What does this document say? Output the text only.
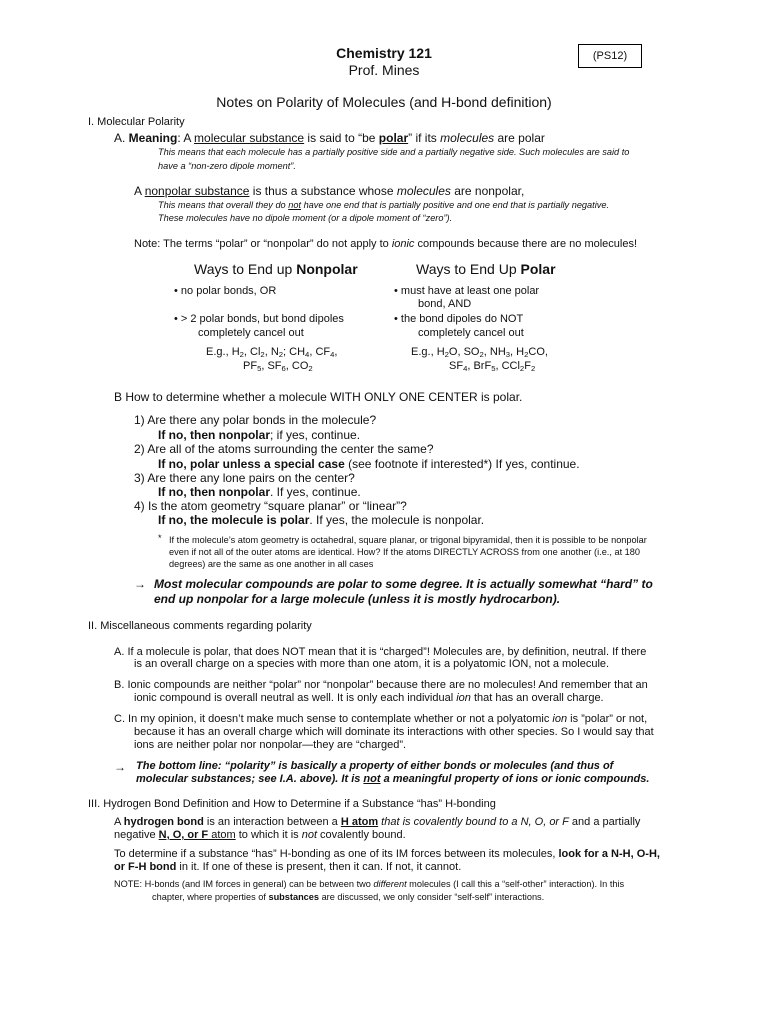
Chemistry 121
Prof. Mines
(PS12)
Notes on Polarity of Molecules (and H-bond definition)
I. Molecular Polarity
A. Meaning: A molecular substance is said to “be polar” if its molecules are polar
This means that each molecule has a partially positive side and a partially negative side. Such molecules are said to
have a “non-zero dipole moment”.
A nonpolar substance is thus a substance whose molecules are nonpolar,
This means that overall they do not have one end that is partially positive and one end that is partially negative.
These molecules have no dipole moment (or a dipole moment of “zero”).
Note: The terms “polar” or “nonpolar” do not apply to ionic compounds because there are no molecules!
Ways to End up Nonpolar	Ways to End Up Polar
• no polar bonds, OR
• > 2 polar bonds, but bond dipoles
completely cancel out
• must have at least one polar
bond, AND
• the bond dipoles do NOT
completely cancel out
E.g., $H_2$, $Cl_2$, $N_2$; $CH_4$, $CF_4$,
$PF_5$, $SF_6$, $CO_2$
E.g., $H_2O$, $SO_2$, $NH_3$, $H_2CO$,
$SF_4$, BrF$_5$, $CCl_2F_2$
B How to determine whether a molecule WITH ONLY ONE CENTER is polar.
1) Are there any polar bonds in the molecule?
If no, then nonpolar; if yes, continue.
2) Are all of the atoms surrounding the center the same?
If no, polar unless a special case (see footnote if interested*) If yes, continue.
3) Are there any lone pairs on the center?
If no, then nonpolar. If yes, continue.
4) Is the atom geometry “square planar” or “linear”?
If no, the molecule is polar. If yes, the molecule is nonpolar.
* If the molecule’s atom geometry is octahedral, square planar, or trigonal bipyramidal, then it is possible to be nonpolar
even if not all of the outer atoms are identical. How? If the atoms DIRECTLY ACROSS from one another (i.e., at 180
degrees) are the same as one another in all cases
→ Most molecular compounds are polar to some degree. It is actually somewhat “hard” to
end up nonpolar for a large molecule (unless it is mostly hydrocarbon).
II. Miscellaneous comments regarding polarity
A. If a molecule is polar, that does NOT mean that it is “charged”! Molecules are, by definition, neutral. If there
is an overall charge on a species with more than one atom, it is a polyatomic ION, not a molecule.
B. Ionic compounds are neither “polar” nor “nonpolar” because there are no molecules! And remember that an
ionic compound is overall neutral as well. It is only each individual ion that has an overall charge.
C. In my opinion, it doesn’t make much sense to contemplate whether or not a polyatomic ion is ”polar” or not,
because it has an overall charge which will dominate its interactions with other species. So I would say that
ions are neither polar nor nonpolar—they are “charged”.
→ The bottom line: “polarity” is basically a property of either bonds or molecules (and thus of
molecular substances; see I.A. above). It is not a meaningful property of ions or ionic compounds.
III. Hydrogen Bond Definition and How to Determine if a Substance “has” H-bonding
A hydrogen bond is an interaction between a H atom that is covalently bound to a N, O, or F and a partially
negative N, O, or F atom to which it is not covalently bound.
To determine if a substance “has” H-bonding as one of its IM forces between its molecules, look for a N-H, O-H,
or F-H bond in it. If one of these is present, then it can. If not, it cannot.
NOTE: H-bonds (and IM forces in general) can be between two different molecules (I call this a “self-other” interaction). In this
chapter, where properties of substances are discussed, we only consider “self-self” interactions.
